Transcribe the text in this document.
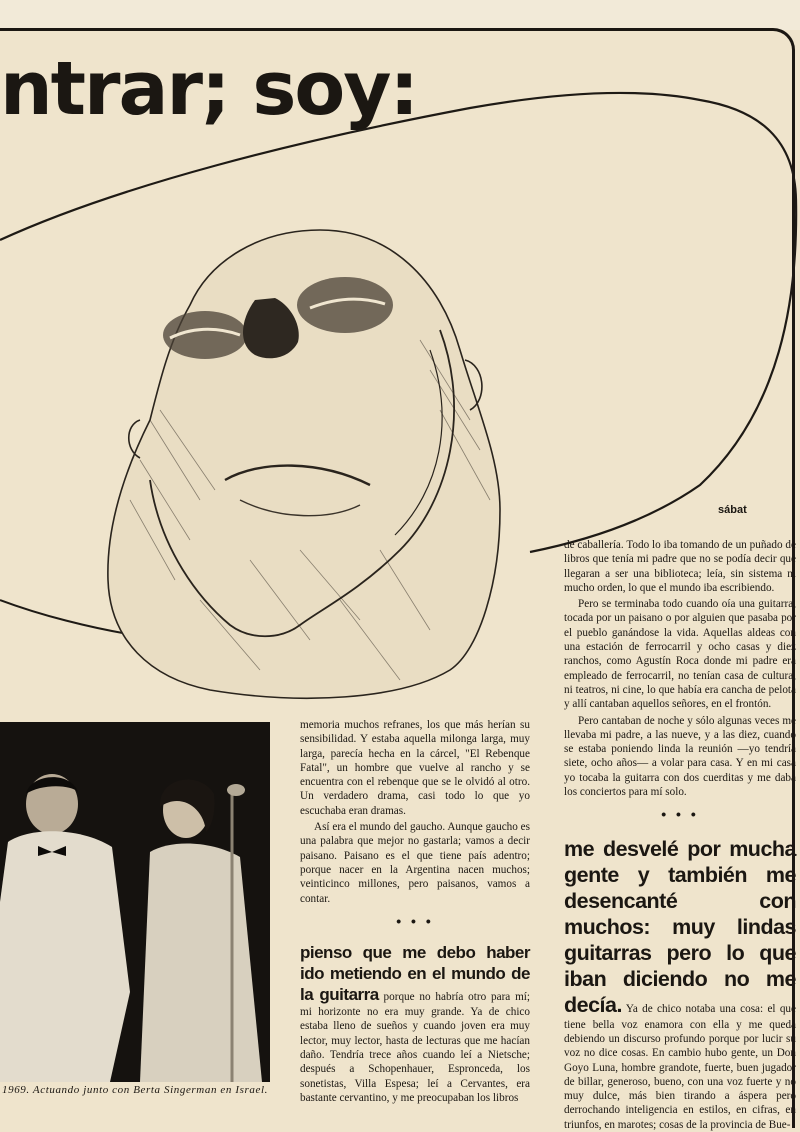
ntrar; soy:
sábat
1969. Actuando junto con Berta Singerman en Israel.

memoria muchos refranes, los que más herían su sensibilidad. Y estaba aquella milonga larga, muy larga, parecía hecha en la cárcel, "El Rebenque Fatal", un hombre que vuelve al rancho y se encuentra con el rebenque que se le olvidó al otro. Un verdadero drama, casi todo lo que yo escuchaba eran dramas.

Así era el mundo del gaucho. Aunque gaucho es una palabra que mejor no gastarla; vamos a decir paisano. Paisano es el que tiene país adentro; porque nacer en la Argentina nacen muchos; veinticinco millones, pero paisanos, vamos a contar.

• • •

pienso que me debo haber ido metiendo en el mundo de la guitarra porque no habría otro para mí; mi horizonte no era muy grande. Ya de chico estaba lleno de sueños y cuando joven era muy lector, muy lector, hasta de lecturas que me hacían daño. Tendría trece años cuando leí a Nietsche; después a Schopenhauer, Espronceda, los sonetistas, Villa Espesa; leí a Cervantes, era bastante cervantino, y me preocupaban los libros

de caballería. Todo lo iba tomando de un puñado de libros que tenía mi padre que no se podía decir que llegaran a ser una biblioteca; leía, sin sistema ni mucho orden, lo que el mundo iba escribiendo.

Pero se terminaba todo cuando oía una guitarra, tocada por un paisano o por alguien que pasaba por el pueblo ganándose la vida. Aquellas aldeas con una estación de ferrocarril y ocho casas y diez ranchos, como Agustín Roca donde mi padre era empleado de ferrocarril, no tenían casa de cultura, ni teatros, ni cine, lo que había era cancha de pelota y allí cantaban aquellos señores, en el frontón.

Pero cantaban de noche y sólo algunas veces me llevaba mi padre, a las nueve, y a las diez, cuando se estaba poniendo linda la reunión —yo tendría siete, ocho años— a volar para casa. Y en mi casa yo tocaba la guitarra con dos cuerditas y me daba los conciertos para mí solo.

• • •

me desvelé por mucha gente y también me desencanté con muchos: muy lindas guitarras pero lo que iban diciendo no me decía. Ya de chico notaba una cosa: el que tiene bella voz enamora con ella y me queda debiendo un discurso profundo porque por lucir su voz no dice cosas. En cambio hubo gente, un Don Goyo Luna, hombre grandote, fuerte, buen jugador de billar, generoso, bueno, con una voz fuerte y no muy dulce, más bien tirando a áspera pero derrochando inteligencia en estilos, en cifras, en triunfos, en marotes; cosas de la provincia de Bue-
